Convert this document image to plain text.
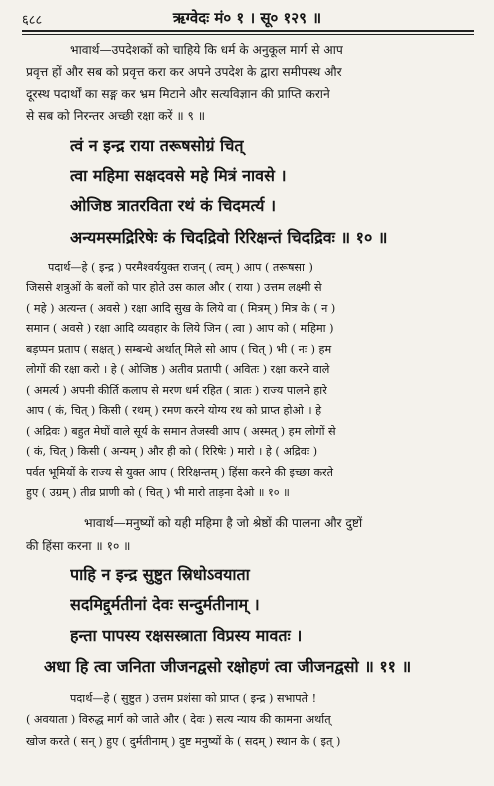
६८८	ऋग्वेदः मं० १ । सू० १२९ ॥
भावार्थ—उपदेशकों को चाहिये कि धर्म के अनुकूल मार्ग से आप
प्रवृत्त हों और सब को प्रवृत्त करा कर अपने उपदेश के द्वारा समीपस्थ और
दूरस्थ पदार्थों का सङ्ग कर भ्रम मिटाने और सत्यविज्ञान की प्राप्ति कराने
से सब को निरन्तर अच्छी रक्षा करें ॥ ९ ॥
त्वं न इन्द्र राया तरूषसोग्रं चित्
त्वा महिमा सक्षदवसे महे मित्रं नावसे ।
ओजिष्ठ त्रातरविता रथं कं चिदमर्त्य ।
अन्यमस्मद्रिरिषेः कं चिदद्रिवो रिरिक्षन्तं चिदद्रिवः ॥ १० ॥
पदार्थ—हे ( इन्द्र ) परमैश्वर्ययुक्त राजन् ( त्वम् ) आप ( तरूषसा )
जिससे शत्रुओं के बलों को पार होते उस काल और ( राया ) उत्तम लक्ष्मी से
( महे ) अत्यन्त ( अवसे ) रक्षा आदि सुख के लिये वा ( मित्रम् ) मित्र के ( न )
समान ( अवसे ) रक्षा आदि व्यवहार के लिये जिन ( त्वा ) आप को ( महिमा )
बड़प्पन प्रताप ( सक्षत् ) सम्बन्धे अर्थात् मिले सो आप ( चित् ) भी ( नः ) हम
लोगों की रक्षा करो । हे ( ओजिष्ठ ) अतीव प्रतापी ( अवितः ) रक्षा करने वाले
( अमर्त्य ) अपनी कीर्ति कलाप से मरण धर्म रहित ( त्रातः ) राज्य पालने हारे
आप ( कं, चित् ) किसी ( रथम् ) रमण करने योग्य रथ को प्राप्त होओ । हे
( अद्रिवः ) बहुत मेघों वाले सूर्य के समान तेजस्वी आप ( अस्मत् ) हम लोगों से
( कं, चित् ) किसी ( अन्यम् ) और ही को ( रिरिषेः ) मारो । हे ( अद्रिवः )
पर्वत भूमियों के राज्य से युक्त आप ( रिरिक्षन्तम् ) हिंसा करने की इच्छा करते
हुए ( उग्रम् ) तीव्र प्राणी को ( चित् ) भी मारो ताड़ना देओ ॥ १० ॥
भावार्थ—मनुष्यों को यही महिमा है जो श्रेष्ठों की पालना और दुष्टों
की हिंसा करना ॥ १० ॥
पाहि न इन्द्र सुष्टुत स्रिधोऽवयाता
सदमिद्दुर्मतीनां देवः सन्दुर्मतीनाम् ।
हन्ता पापस्य रक्षसस्त्राता विप्रस्य मावतः ।
अधा हि त्वा जनिता जीजनद्वसो रक्षोहणं त्वा जीजनद्वसो ॥ ११ ॥
पदार्थ—हे ( सुष्टुत ) उत्तम प्रशंसा को प्राप्त ( इन्द्र ) सभापते !
( अवयाता ) विरुद्ध मार्ग को जाते और ( देवः ) सत्य न्याय की कामना अर्थात्
खोज करते ( सन् ) हुए ( दुर्मतीनाम् ) दुष्ट मनुष्यों के ( सदम् ) स्थान के ( इत् )
